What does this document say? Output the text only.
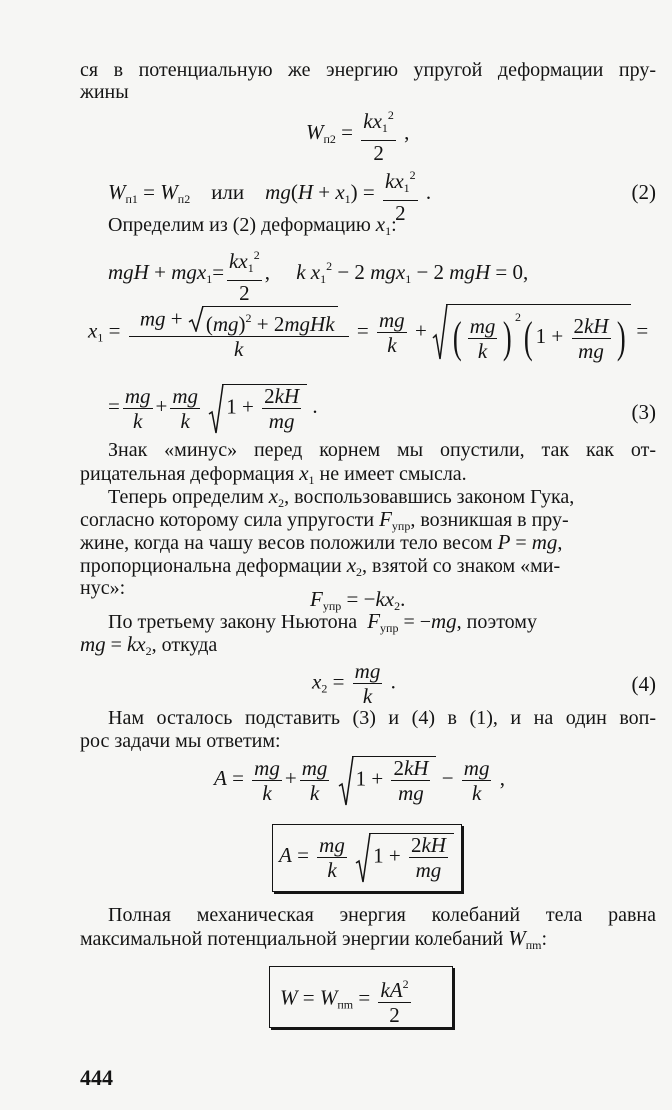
ся в потенциальную же энергию упругой деформации пру-
жины
$W_{п2} = \frac{kx_1^2}{2}$ ,
$W_{п1} = W_{п2}$ или $mg(H + x_1) = \frac{kx_1^2}{2}$ .	(2)
Определим из (2) деформацию $x_1$:
mgH + $mgx_1= \frac{kx_1^2}{2}$ ,     k $x_1^2 - 2$ mgx$_1$ − 2 mgH = 0,
$x_1$ = mg +
(mg)$^2$ + 2mgHk
$k = \frac{mg}{k}$ +
( $\frac{mg}{k}$ ) $^2$( $1 + \frac{2kH}{mg}$ ) =
= $\frac{mg}{k} + \frac{mg}{k}$
$1 + \frac{2kH}{mg}$ .	(3)
Знак «минус» перед корнем мы опустили, так как от-
рицательная деформация $x_1$ не имеет смысла.
Теперь определим $x_2$, воспользовавшись законом Гука,
согласно которому сила упругости $F_{упр}$, возникшая в пру-
жине, когда на чашу весов положили тело весом P = mg,
пропорциональна деформации $x_2$, взятой со знаком «ми-
нус»:	$F_{упр} = -kx_2$.
По третьему закону Ньютона $F_{упр} = -mg$, поэтому
mg = $kx_2$, откуда
$x_2 = \frac{mg}{k}$ .	(4)
Нам осталось подставить (3) и (4) в (1), и на один воп-
рос задачи мы ответим:
$A = \frac{mg}{k} + \frac{mg}{k}$
$1 + \frac{2kH}{mg} - \frac{mg}{k}$ ,
$A = \frac{mg}{k}$
$1 + \frac{2kH}{mg}$
Полная механическая энергия колебаний тела равна
максимальной потенциальной энергии колебаний $W_{пm}$:
$W = W_{пm} = \frac{kA^2}{2}$
444
